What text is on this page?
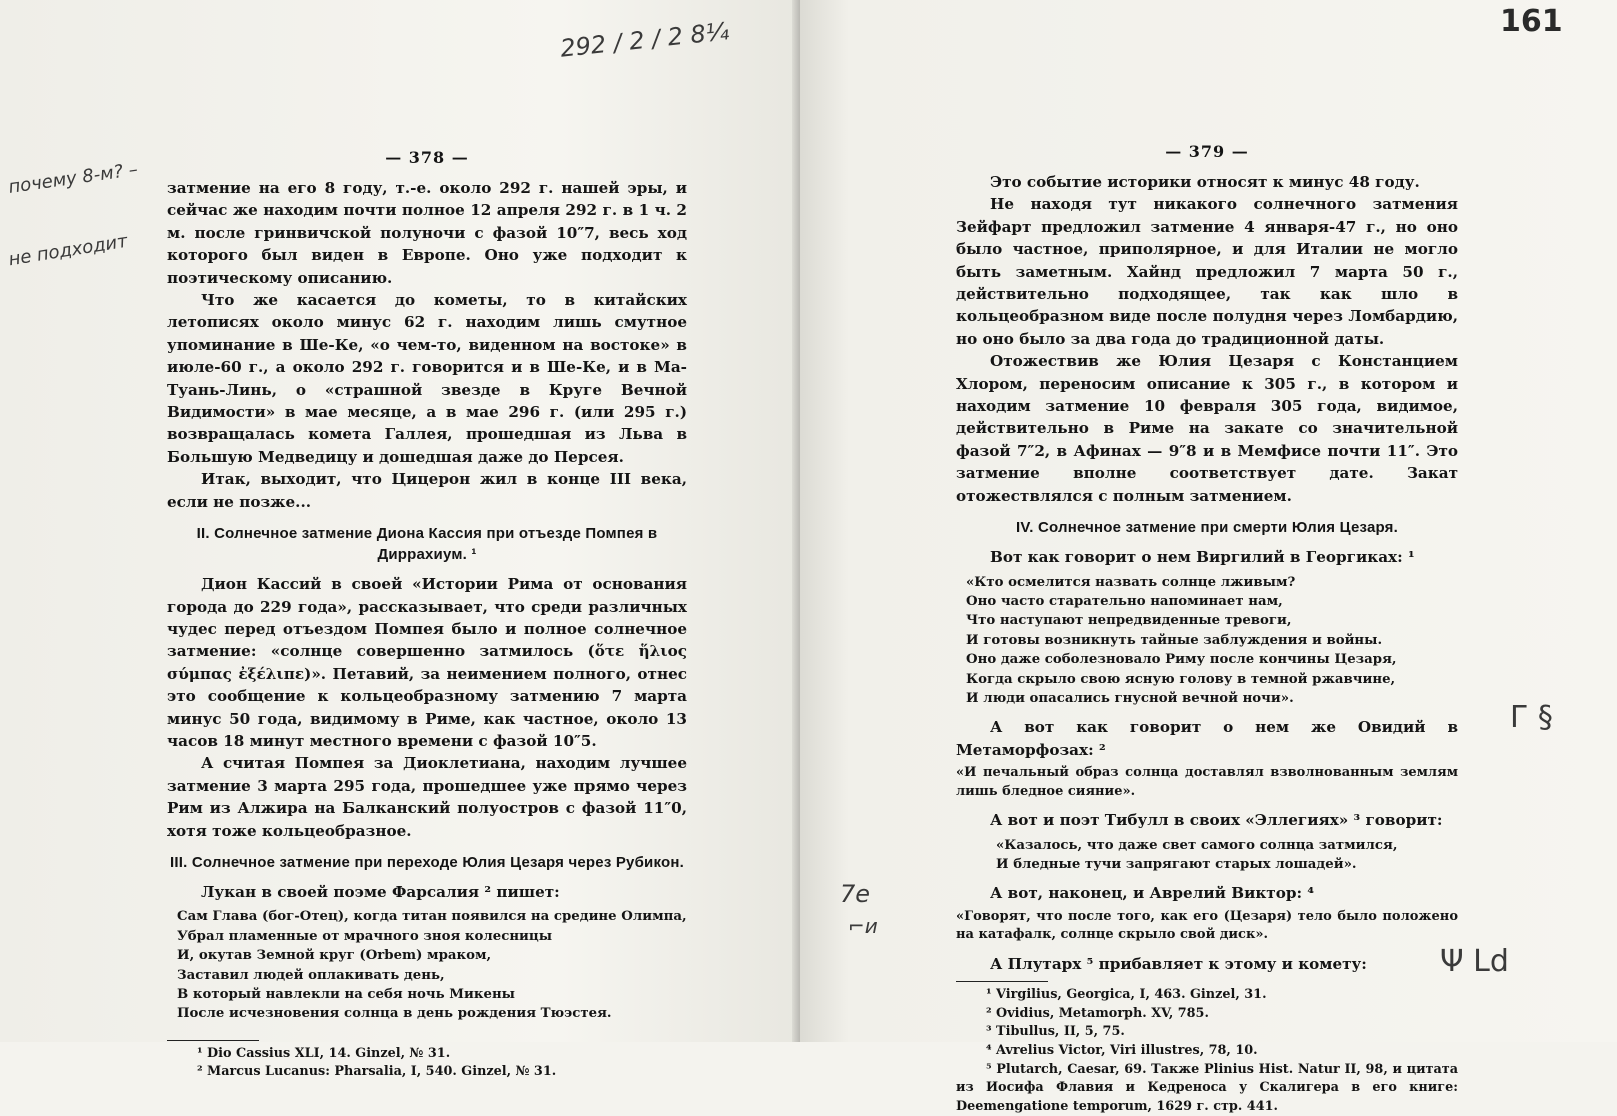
— 378 —

затмение на его 8 году, т.-е. около 292 г. нашей эры, и сейчас же находим почти полное 12 апреля 292 г. в 1 ч. 2 м. после гринвичской полуночи с фазой 10″7, весь ход которого был виден в Европе. Оно уже подходит к поэтическому описанию.

Что же касается до кометы, то в китайских летописях около минус 62 г. находим лишь смутное упоминание в Ше-Ке, «о чем-то, виденном на востоке» в июле-60 г., а около 292 г. говорится и в Ше-Ке, и в Ма-Туань-Линь, о «страшной звезде в Круге Вечной Видимости» в мае месяце, а в мае 296 г. (или 295 г.) возвращалась комета Галлея, прошедшая из Льва в Большую Медведицу и дошедшая даже до Персея.

Итак, выходит, что Цицерон жил в конце III века, если не позже...

II. Солнечное затмение Диона Кассия при отъезде Помпея в Диррахиум. ¹

Дион Кассий в своей «Истории Рима от основания города до 229 года», рассказывает, что среди различных чудес перед отъездом Помпея было и полное солнечное затмение: «солнце совершенно затмилось (ὅτε ἥλιος σύμπας ἐξέλιπε)». Петавий, за неимением полного, отнес это сообщение к кольцеобразному затмению 7 марта минус 50 года, видимому в Риме, как частное, около 13 часов 18 минут местного времени с фазой 10″5.

А считая Помпея за Диоклетиана, находим лучшее затмение 3 марта 295 года, прошедшее уже прямо через Рим из Алжира на Балканский полуостров с фазой 11″0, хотя тоже кольцеобразное.

III. Солнечное затмение при переходе Юлия Цезаря через Рубикон.

Лукан в своей поэме Фарсалия ² пишет:

Сам Глава (бог-Отец), когда титан появился на средине Олимпа,
Убрал пламенные от мрачного зноя колесницы
И, окутав Земной круг (Orbem) мраком,
Заставил людей оплакивать день,
В который навлекли на себя ночь Микены
После исчезновения солнца в день рождения Тюэстея.
¹ Dio Cassius XLI, 14. Ginzel, № 31.
² Marcus Lucanus: Pharsalia, I, 540. Ginzel, № 31.
292 / 2 / 2 8¼
почему 8-м? –
не подходит
— 379 —

Это событие историки относят к минус 48 году.

Не находя тут никакого солнечного затмения Зейфарт предложил затмение 4 января-47 г., но оно было частное, приполярное, и для Италии не могло быть заметным. Хайнд предложил 7 марта 50 г., действительно подходящее, так как шло в кольцеобразном виде после полудня через Ломбардию, но оно было за два года до традиционной даты.

Отожествив же Юлия Цезаря с Констанцием Хлором, переносим описание к 305 г., в котором и находим затмение 10 февраля 305 года, видимое, действительно в Риме на закате со значительной фазой 7″2, в Афинах — 9″8 и в Мемфисе почти 11″. Это затмение вполне соответствует дате. Закат отожествлялся с полным затмением.

IV. Солнечное затмение при смерти Юлия Цезаря.

Вот как говорит о нем Виргилий в Георгиках: ¹

«Кто осмелится назвать солнце лживым?
Оно часто старательно напоминает нам,
Что наступают непредвиденные тревоги,
И готовы возникнуть тайные заблуждения и войны.
Оно даже соболезновало Риму после кончины Цезаря,
Когда скрыло свою ясную голову в темной ржавчине,
И люди опасались гнусной вечной ночи».

А вот как говорит о нем же Овидий в Метаморфозах: ²

«И печальный образ солнца доставлял взволнованным землям лишь бледное сияние».

А вот и поэт Тибулл в своих «Эллегиях» ³ говорит:

«Казалось, что даже свет самого солнца затмился,
И бледные тучи запрягают старых лошадей».

А вот, наконец, и Аврелий Виктор: ⁴

«Говорят, что после того, как его (Цезаря) тело было положено на катафалк, солнце скрыло свой диск».

А Плутарх ⁵ прибавляет к этому и комету:

¹ Virgilius, Georgica, I, 463. Ginzel, 31.
² Ovidius, Metamorph. XV, 785.
³ Tibullus, II, 5, 75.
⁴ Avrelius Victor, Viri illustres, 78, 10.
⁵ Plutarch, Caesar, 69. Также Plinius Hist. Natur II, 98, и цитата из Иосифа Флавия и Кедреноса у Скалигера в его книге: Deemengatione temporum, 1629 г. стр. 441.
161
Г §
7e
⌐и
Ψ Ld
